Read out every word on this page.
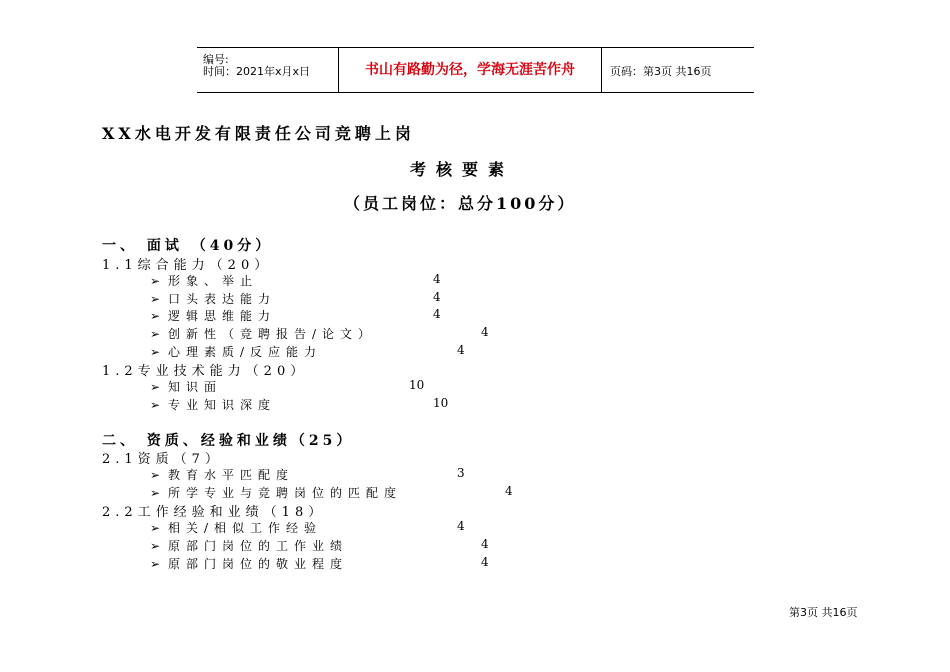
编号:
时间：2021年x月x日	书山有路勤为径，学海无涯苦作舟	页码：第3页 共16页
XX水电开发有限责任公司竞聘上岗
考核要素
（员工岗位：总分100分）
一、 面试 （40分）
1.1综合能力（20）
➢ 形象、举止	4
➢ 口头表达能力	4
➢ 逻辑思维能力	4
➢ 创新性（竞聘报告/论文）	4
➢ 心理素质/反应能力	4
1.2专业技术能力（20）
➢ 知识面	10
➢ 专业知识深度	10
二、 资质、经验和业绩（25）
2.1资质（7）
➢ 教育水平匹配度	3
➢ 所学专业与竞聘岗位的匹配度	4
2.2工作经验和业绩（18）
➢ 相关/相似工作经验	4
➢ 原部门岗位的工作业绩	4
➢ 原部门岗位的敬业程度	4
第3页 共16页
